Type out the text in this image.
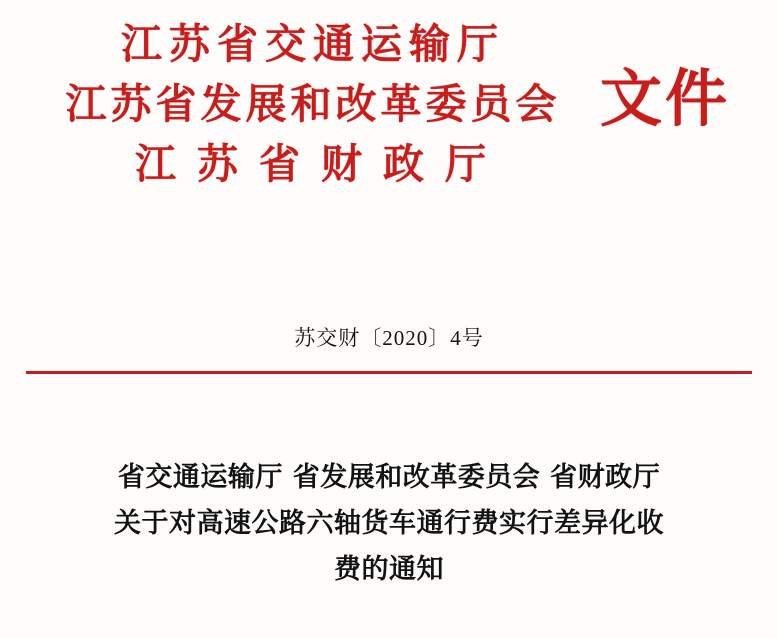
江苏省交通运输厅
江苏省发展和改革委员会
江苏省财政厅
文件
苏交财〔2020〕4号
省交通运输厅 省发展和改革委员会 省财政厅
关于对高速公路六轴货车通行费实行差异化收
费的通知
